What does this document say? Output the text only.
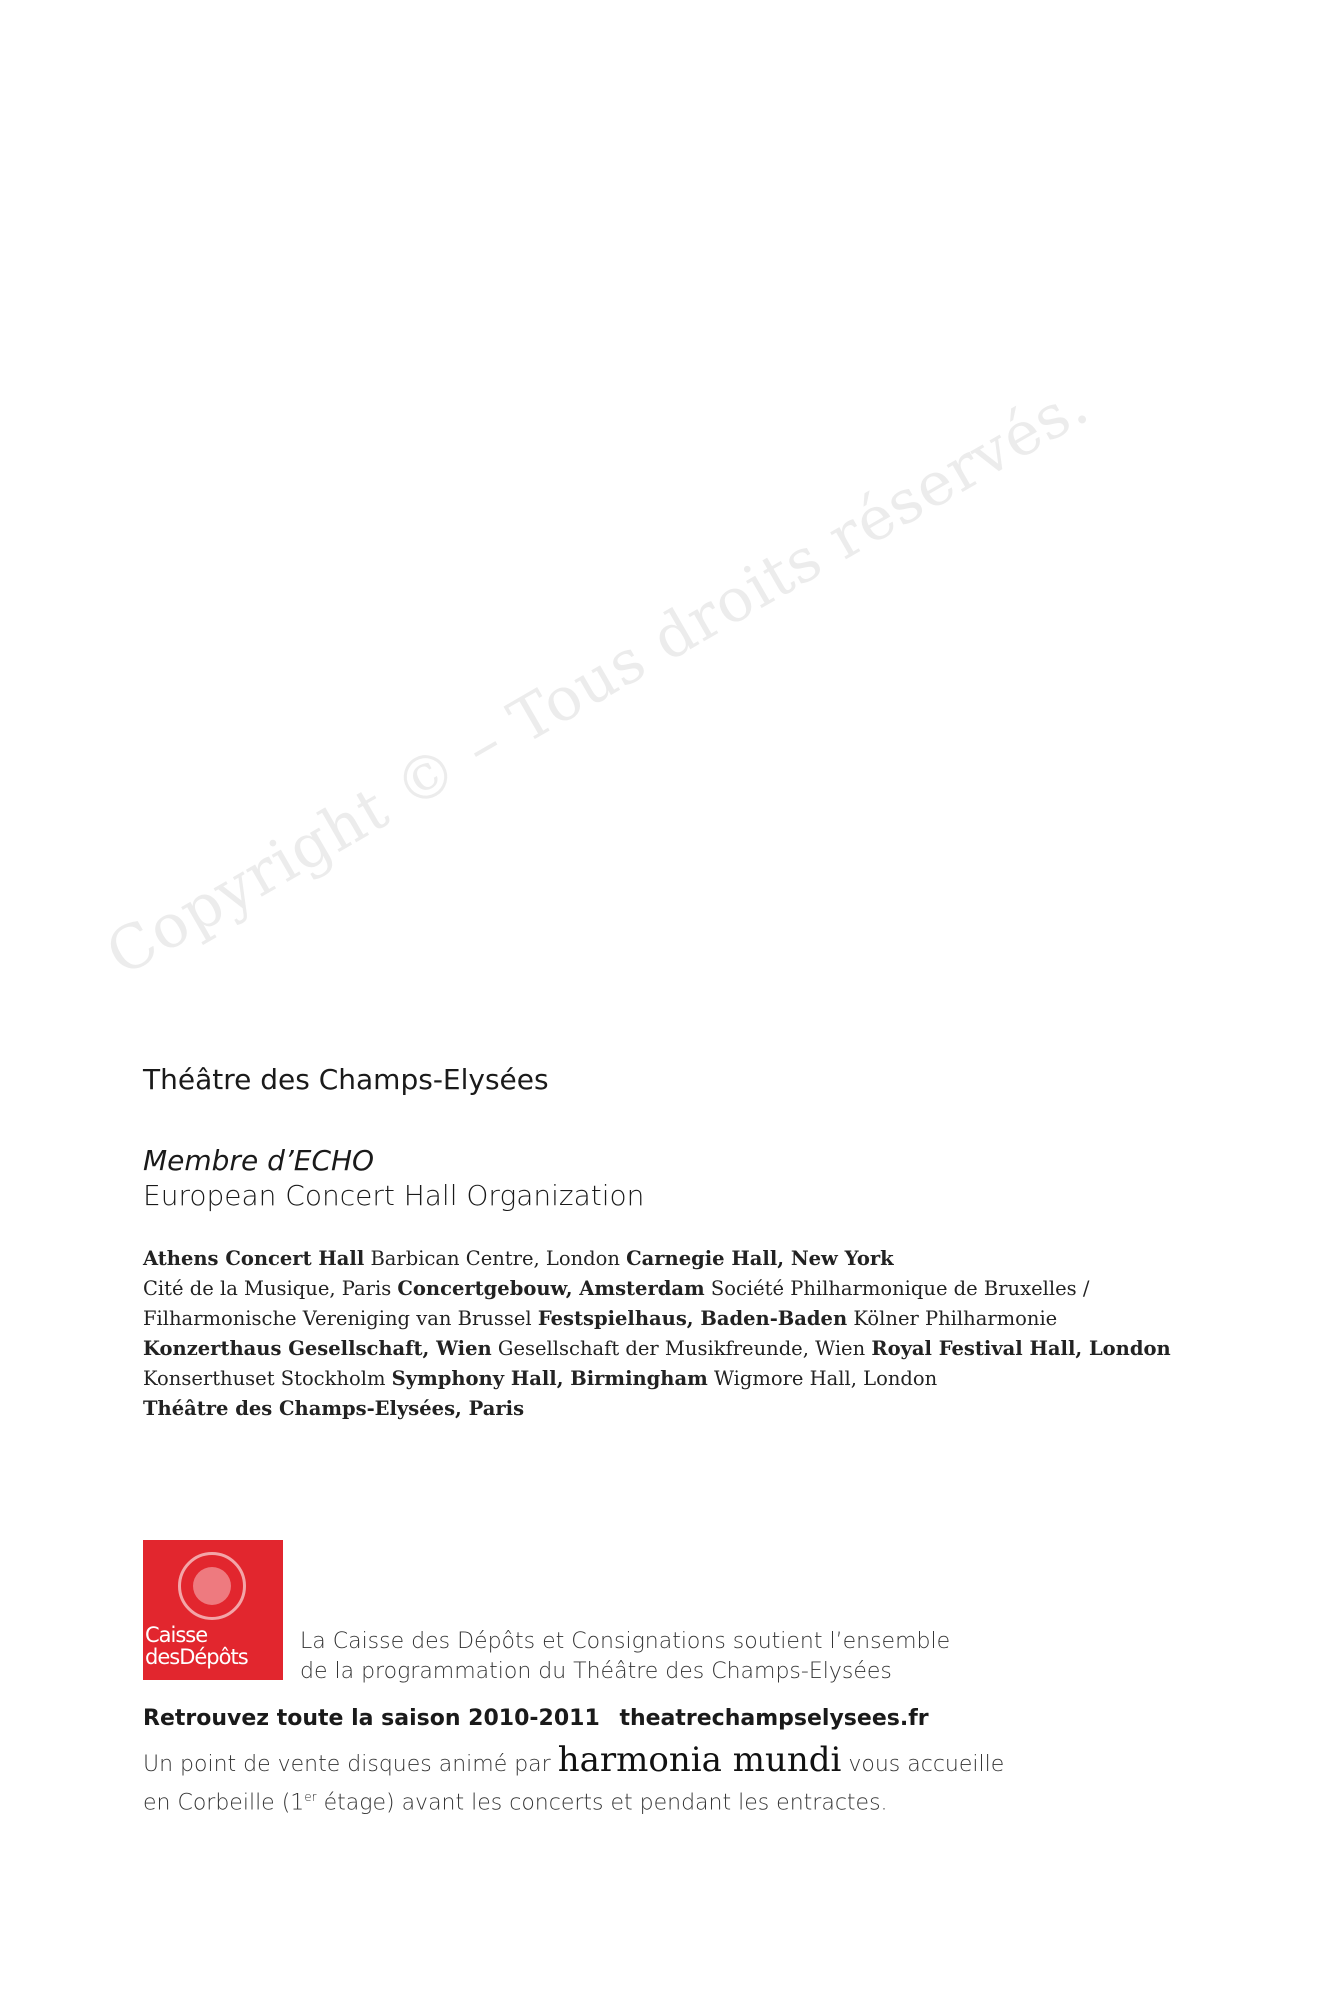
Copyright © – Tous droits réservés.
Théâtre des Champs-Elysées
Membre d’ECHO
European Concert Hall Organization
Athens Concert Hall Barbican Centre, London Carnegie Hall, New York
Cité de la Musique, Paris Concertgebouw, Amsterdam Société Philharmonique de Bruxelles / Filharmonische Vereniging van Brussel Festspielhaus, Baden-Baden Kölner Philharmonie
Konzerthaus Gesellschaft, Wien Gesellschaft der Musikfreunde, Wien Royal Festival Hall, London
Konserthuset Stockholm Symphony Hall, Birmingham Wigmore Hall, London
Théâtre des Champs-Elysées, Paris
Caisse
desDépôts
La Caisse des Dépôts et Consignations soutient l’ensemble
de la programmation du Théâtre des Champs-Elysées
Retrouvez toute la saison 2010-2011 theatrechampselysees.fr
Un point de vente disques animé par harmonia mundi vous accueille
en Corbeille (1er étage) avant les concerts et pendant les entractes.
